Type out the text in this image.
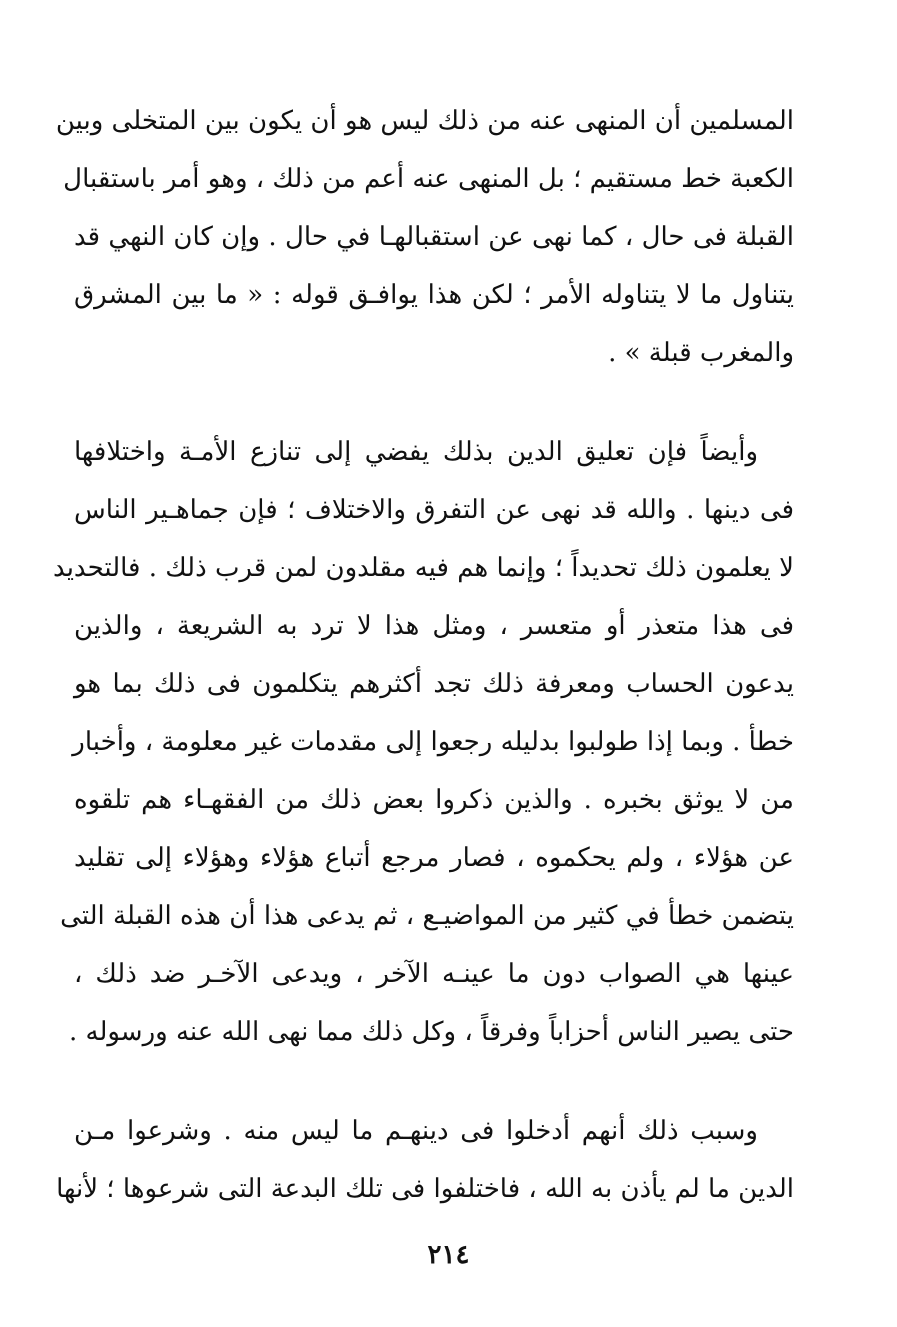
المسلمين أن المنهى عنه من ذلك ليس هو أن يكون بين المتخلى وبين
الكعبة خط مستقيم ؛ بل المنهى عنه أعم من ذلك ، وهو أمر باستقبال
القبلة فى حال ، كما نهى عن استقبالهـا في حال . وإن كان النهي قد
يتناول ما لا يتناوله الأمر ؛ لكن هذا يوافـق قوله : « ما بين المشرق
والمغرب قبلة » .
وأيضاً فإن تعليق الدين بذلك يفضي إلى تنازع الأمـة واختلافها
فى دينها . والله قد نهى عن التفرق والاختلاف ؛ فإن جماهـير الناس
لا يعلمون ذلك تحديداً ؛ وإنما هم فيه مقلدون لمن قرب ذلك . فالتحديد
فى هذا متعذر أو متعسر ، ومثل هذا لا ترد به الشريعة ، والذين
يدعون الحساب ومعرفة ذلك تجد أكثرهم يتكلمون فى ذلك بما هو
خطأ . وبما إذا طولبوا بدليله رجعوا إلى مقدمات غير معلومة ، وأخبار
من لا يوثق بخبره . والذين ذكروا بعض ذلك من الفقهـاء هم تلقوه
عن هؤلاء ، ولم يحكموه ، فصار مرجع أتباع هؤلاء وهؤلاء إلى تقليد
يتضمن خطأ في كثير من المواضيـع ، ثم يدعى هذا أن هذه القبلة التى
عينها هي الصواب دون ما عينـه الآخر ، ويدعى الآخـر ضد ذلك ،
حتى يصير الناس أحزاباً وفرقاً ، وكل ذلك مما نهى الله عنه ورسوله .
وسبب ذلك أنهم أدخلوا فى دينهـم ما ليس منه . وشرعوا مـن
الدين ما لم يأذن به الله ، فاختلفوا فى تلك البدعة التى شرعوها ؛ لأنها
٢١٤
